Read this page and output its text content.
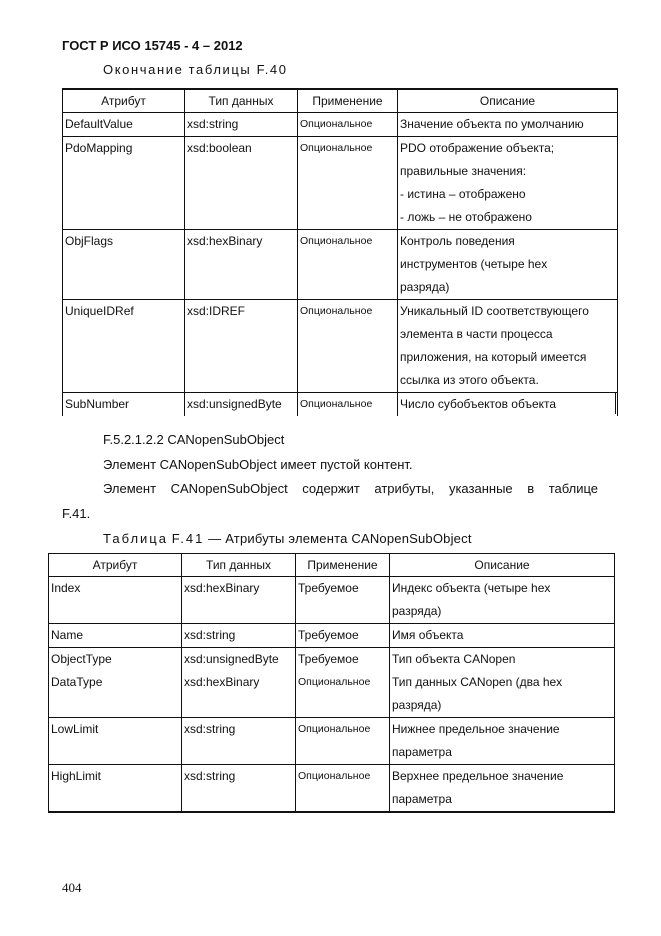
ГОСТ Р ИСО 15745 - 4 – 2012
Окончание таблицы F.40
Атрибут	Тип данных	Применение	Описание
DefaultValue	xsd:string	Опциональное	Значение объекта по умолчанию

PdoMapping	xsd:boolean	Опциональное	PDO отображение объекта;
правильные значения:
- истина – отображено
- ложь – не отображено

ObjFlags	xsd:hexBinary	Опциональное	Контроль поведения
инструментов (четыре hex
разряда)

UniqueIDRef	xsd:IDREF	Опциональное	Уникальный ID соответствующего
элемента в части процесса
приложения, на который имеется
ссылка из этого объекта.

SubNumber	xsd:unsignedByte	Опциональное	Число субобъектов объекта
F.5.2.1.2.2 CANopenSubObject
Элемент CANopenSubObject имеет пустой контент.
Элемент CANopenSubObject содержит атрибуты, указанные в таблице
F.41.
Таблица F.41 — Атрибуты элемента CANopenSubObject
Атрибут	Тип данных	Применение	Описание
Index	xsd:hexBinary	Требуемое	Индекс объекта (четыре hex
разряда)

Name	xsd:string	Требуемое	Имя объекта

ObjectType	xsd:unsignedByte	Требуемое	Тип объекта CANopen

DataType	xsd:hexBinary	Опциональное	Тип данных CANopen (два hex
разряда)

LowLimit	xsd:string	Опциональное	Нижнее предельное значение
параметра

HighLimit	xsd:string	Опциональное	Верхнее предельное значение
параметра
404
